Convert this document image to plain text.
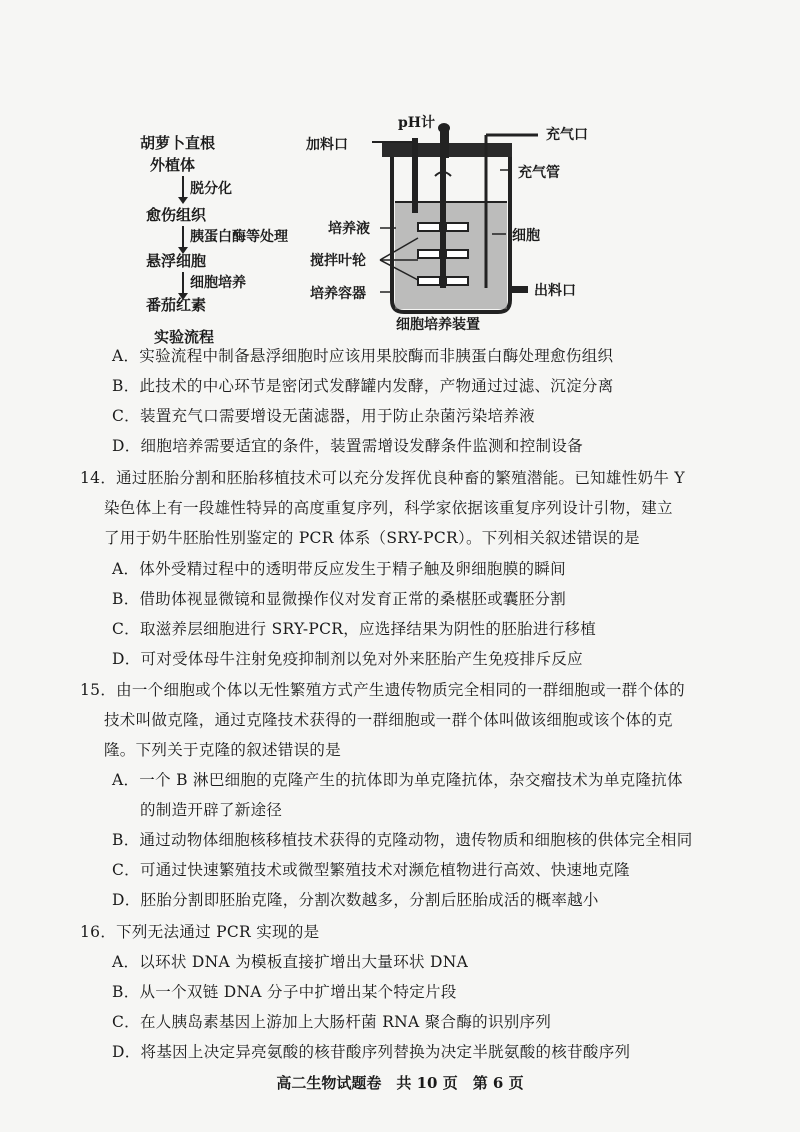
胡萝卜直根
外植体
脱分化
愈伤组织
胰蛋白酶等处理
悬浮细胞
细胞培养
番茄红素
实验流程
pH计
加料口
充气口
充气管
培养液	细胞
搅拌叶轮
培养容器	出料口
细胞培养装置
A．实验流程中制备悬浮细胞时应该用果胶酶而非胰蛋白酶处理愈伤组织
B．此技术的中心环节是密闭式发酵罐内发酵，产物通过过滤、沉淀分离
C．装置充气口需要增设无菌滤器，用于防止杂菌污染培养液
D．细胞培养需要适宜的条件，装置需增设发酵条件监测和控制设备
14．通过胚胎分割和胚胎移植技术可以充分发挥优良种畜的繁殖潜能。已知雄性奶牛 Y
染色体上有一段雄性特异的高度重复序列，科学家依据该重复序列设计引物，建立
了用于奶牛胚胎性别鉴定的 PCR 体系（SRY-PCR）。下列相关叙述错误的是
A．体外受精过程中的透明带反应发生于精子触及卵细胞膜的瞬间
B．借助体视显微镜和显微操作仪对发育正常的桑椹胚或囊胚分割
C．取滋养层细胞进行 SRY-PCR，应选择结果为阴性的胚胎进行移植
D．可对受体母牛注射免疫抑制剂以免对外来胚胎产生免疫排斥反应
15．由一个细胞或个体以无性繁殖方式产生遗传物质完全相同的一群细胞或一群个体的
技术叫做克隆，通过克隆技术获得的一群细胞或一群个体叫做该细胞或该个体的克
隆。下列关于克隆的叙述错误的是
A．一个 B 淋巴细胞的克隆产生的抗体即为单克隆抗体，杂交瘤技术为单克隆抗体
的制造开辟了新途径
B．通过动物体细胞核移植技术获得的克隆动物，遗传物质和细胞核的供体完全相同
C．可通过快速繁殖技术或微型繁殖技术对濒危植物进行高效、快速地克隆
D．胚胎分割即胚胎克隆，分割次数越多，分割后胚胎成活的概率越小
16．下列无法通过 PCR 实现的是
A．以环状 DNA 为模板直接扩增出大量环状 DNA
B．从一个双链 DNA 分子中扩增出某个特定片段
C．在人胰岛素基因上游加上大肠杆菌 RNA 聚合酶的识别序列
高二生物试题卷　共 10 页　第 6 页
D．将基因上决定异亮氨酸的核苷酸序列替换为决定半胱氨酸的核苷酸序列
